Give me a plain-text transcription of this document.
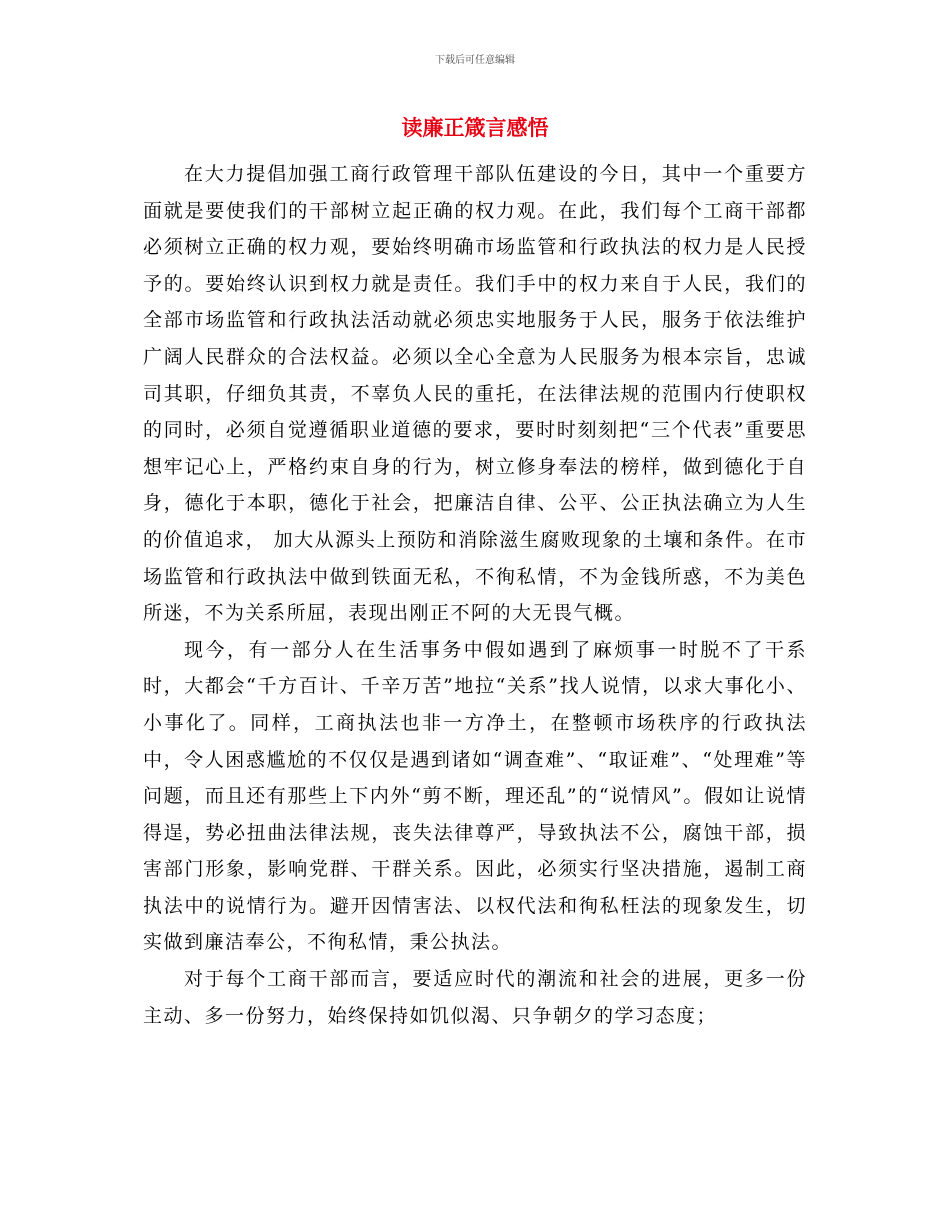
下载后可任意编辑
读廉正箴言感悟

在大力提倡加强工商行政管理干部队伍建设的今日，其中一个重要方面就是要使我们的干部树立起正确的权力观。在此，我们每个工商干部都必须树立正确的权力观，要始终明确市场监管和行政执法的权力是人民授予的。要始终认识到权力就是责任。我们手中的权力来自于人民，我们的全部市场监管和行政执法活动就必须忠实地服务于人民，服务于依法维护广阔人民群众的合法权益。必须以全心全意为人民服务为根本宗旨，忠诚司其职，仔细负其责，不辜负人民的重托，在法律法规的范围内行使职权的同时，必须自觉遵循职业道德的要求，要时时刻刻把“三个代表”重要思想牢记心上，严格约束自身的行为，树立修身奉法的榜样，做到德化于自身，德化于本职，德化于社会，把廉洁自律、公平、公正执法确立为人生的价值追求， 加大从源头上预防和消除滋生腐败现象的土壤和条件。在市场监管和行政执法中做到铁面无私，不徇私情，不为金钱所惑，不为美色所迷，不为关系所屈，表现出刚正不阿的大无畏气概。

现今，有一部分人在生活事务中假如遇到了麻烦事一时脱不了干系时，大都会“千方百计、千辛万苦”地拉“关系”找人说情，以求大事化小、小事化了。同样，工商执法也非一方净土，在整顿市场秩序的行政执法中，令人困惑尴尬的不仅仅是遇到诸如“调查难”、“取证难”、“处理难”等问题，而且还有那些上下内外“剪不断，理还乱”的“说情风”。假如让说情得逞，势必扭曲法律法规，丧失法律尊严，导致执法不公，腐蚀干部，损害部门形象，影响党群、干群关系。因此，必须实行坚决措施，遏制工商执法中的说情行为。避开因情害法、以权代法和徇私枉法的现象发生，切实做到廉洁奉公，不徇私情，秉公执法。

对于每个工商干部而言，要适应时代的潮流和社会的进展，更多一份主动、多一份努力，始终保持如饥似渴、只争朝夕的学习态度；
